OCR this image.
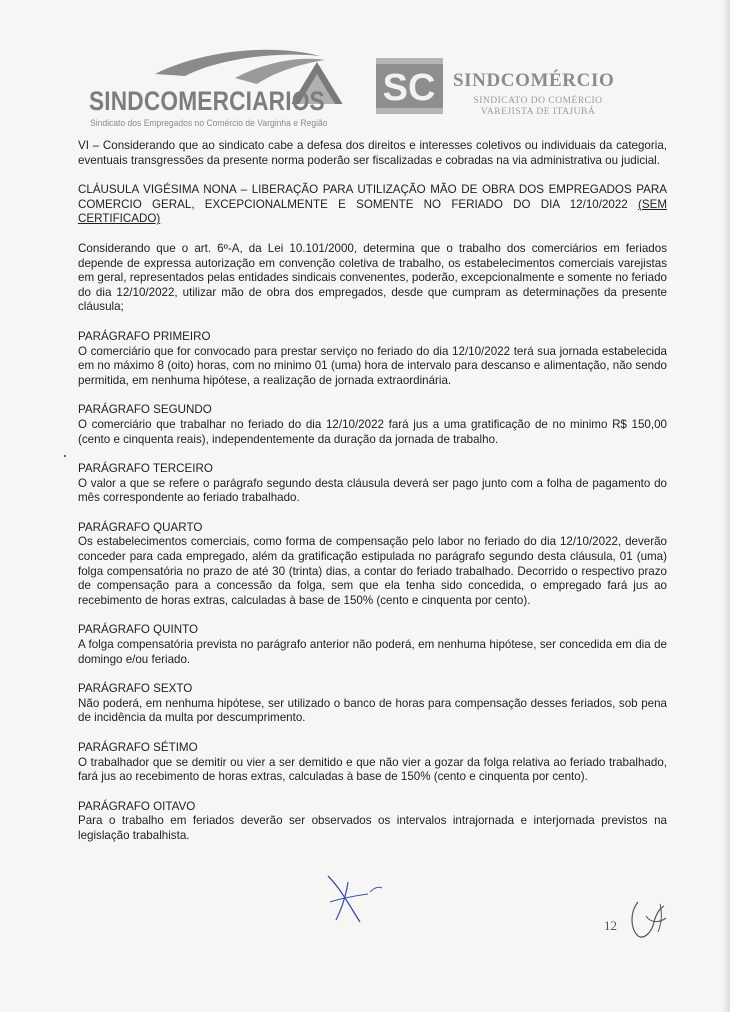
SINDCOMERCIARIOS
Sindicato dos Empregados no Comércio de Varginha e Região
SC SINDCOMÉRCIO
SINDICATO DO COMÉRCIO
VAREJISTA DE ITAJUBÁ

VI – Considerando que ao sindicato cabe a defesa dos direitos e interesses coletivos ou individuais da categoria, eventuais transgressões da presente norma poderão ser fiscalizadas e cobradas na via administrativa ou judicial.

CLÁUSULA VIGÉSIMA NONA – LIBERAÇÃO PARA UTILIZAÇÃO MÃO DE OBRA DOS EMPREGADOS PARA COMERCIO GERAL, EXCEPCIONALMENTE E SOMENTE NO FERIADO DO DIA 12/10/2022 (SEM CERTIFICADO)

Considerando que o art. 6º-A, da Lei 10.101/2000, determina que o trabalho dos comerciários em feriados depende de expressa autorização em convenção coletiva de trabalho, os estabelecimentos comerciais varejistas em geral, representados pelas entidades sindicais convenentes, poderão, excepcionalmente e somente no feriado do dia 12/10/2022, utilizar mão de obra dos empregados, desde que cumpram as determinações da presente cláusula;

PARÁGRAFO PRIMEIRO

O comerciário que for convocado para prestar serviço no feriado do dia 12/10/2022 terá sua jornada estabelecida em no máximo 8 (oito) horas, com no minimo 01 (uma) hora de intervalo para descanso e alimentação, não sendo permitida, em nenhuma hipótese, a realização de jornada extraordinária.

PARÁGRAFO SEGUNDO

O comerciário que trabalhar no feriado do dia 12/10/2022 fará jus a uma gratificação de no minimo R$ 150,00 (cento e cinquenta reais), independentemente da duração da jornada de trabalho.

PARÁGRAFO TERCEIRO

O valor a que se refere o parágrafo segundo desta cláusula deverá ser pago junto com a folha de pagamento do mês correspondente ao feriado trabalhado.

PARÁGRAFO QUARTO

Os estabelecimentos comerciais, como forma de compensação pelo labor no feriado do dia 12/10/2022, deverão conceder para cada empregado, além da gratificação estipulada no parágrafo segundo desta cláusula, 01 (uma) folga compensatória no prazo de até 30 (trinta) dias, a contar do feriado trabalhado. Decorrido o respectivo prazo de compensação para a concessão da folga, sem que ela tenha sido concedida, o empregado fará jus ao recebimento de horas extras, calculadas à base de 150% (cento e cinquenta por cento).

PARÁGRAFO QUINTO

A folga compensatória prevista no parágrafo anterior não poderá, em nenhuma hipótese, ser concedida em dia de domingo e/ou feriado.

PARÁGRAFO SEXTO

Não poderá, em nenhuma hipótese, ser utilizado o banco de horas para compensação desses feriados, sob pena de incidência da multa por descumprimento.

PARÁGRAFO SÉTIMO

O trabalhador que se demitir ou vier a ser demitido e que não vier a gozar da folga relativa ao feriado trabalhado, fará jus ao recebimento de horas extras, calculadas à base de 150% (cento e cinquenta por cento).

PARÁGRAFO OITAVO

Para o trabalho em feriados deverão ser observados os intervalos intrajornada e interjornada previstos na legislação trabalhista.

12
